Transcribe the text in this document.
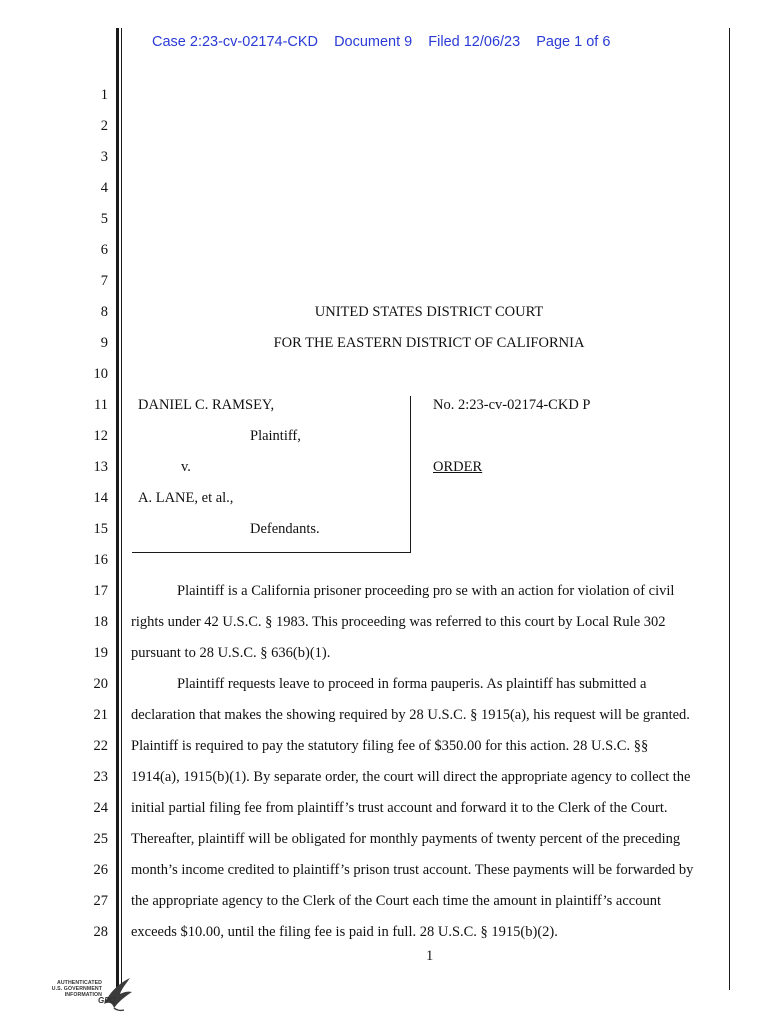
Case 2:23-cv-02174-CKD Document 9 Filed 12/06/23 Page 1 of 6
1
2
3
4
5
6
7
8
9
10
11
12
13
14
15
16
17
18
19
20
21
22
23
24
25
26
27
28
UNITED STATES DISTRICT COURT
FOR THE EASTERN DISTRICT OF CALIFORNIA
DANIEL C. RAMSEY,
Plaintiff,
v.
A. LANE, et al.,
Defendants.
No. 2:23-cv-02174-CKD P
ORDER
Plaintiff is a California prisoner proceeding pro se with an action for violation of civil
rights under 42 U.S.C. § 1983. This proceeding was referred to this court by Local Rule 302
pursuant to 28 U.S.C. § 636(b)(1).
Plaintiff requests leave to proceed in forma pauperis. As plaintiff has submitted a
declaration that makes the showing required by 28 U.S.C. § 1915(a), his request will be granted.
Plaintiff is required to pay the statutory filing fee of $350.00 for this action. 28 U.S.C. §§
1914(a), 1915(b)(1). By separate order, the court will direct the appropriate agency to collect the
initial partial filing fee from plaintiff’s trust account and forward it to the Clerk of the Court.
Thereafter, plaintiff will be obligated for monthly payments of twenty percent of the preceding
month’s income credited to plaintiff’s prison trust account. These payments will be forwarded by
the appropriate agency to the Clerk of the Court each time the amount in plaintiff’s account
exceeds $10.00, until the filing fee is paid in full. 28 U.S.C. § 1915(b)(2).
1
AUTHENTICATED
U.S. GOVERNMENT
INFORMATION
GPO
